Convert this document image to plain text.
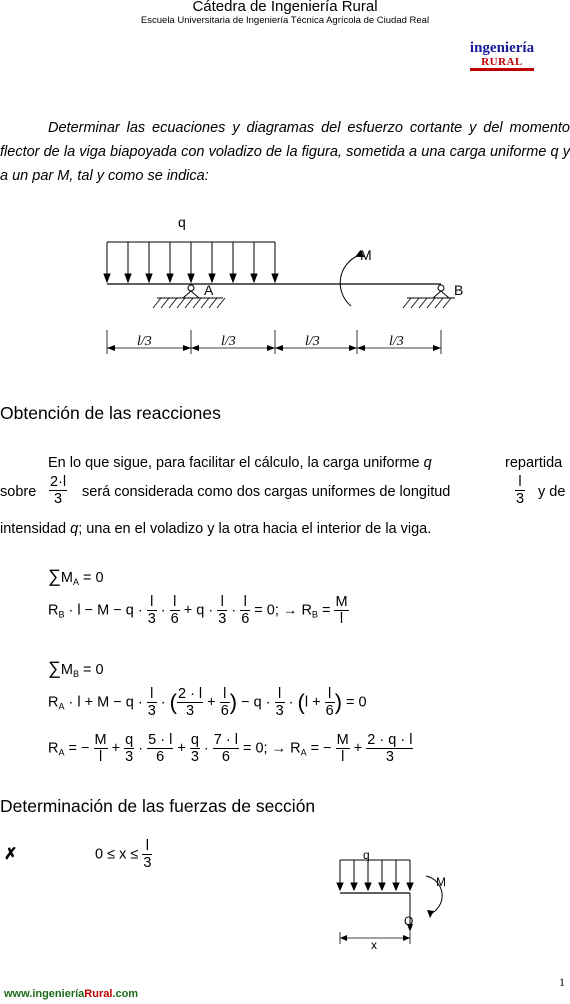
Cátedra de Ingeniería Rural
Escuela Universitaria de Ingeniería Técnica Agrícola de Ciudad Real
ingeniería
RURAL
Determinar las ecuaciones y diagramas del esfuerzo cortante y del momento flector de la viga biapoyada con voladizo de la figura, sometida a una carga uniforme q y a un par M, tal y como se indica:
q
M
A	B
l/3	l/3	l/3	l/3
Obtención de las reacciones
En lo que sigue, para facilitar el cálculo, la carga uniforme q	repartida
sobre $\frac{2\cdot l}{3}$ será considerada como dos cargas uniformes de longitud	$\frac{l}{3}$ y de
intensidad q; una en el voladizo y la otra hacia el interior de la viga.
$\sum M_A = 0$
$R_B \cdot l - M - q \cdot \frac{l}{3} \cdot \frac{l}{6} + q \cdot \frac{l}{3} \cdot \frac{l}{6} = 0$; → $R_B = \frac{M}{l}$
$\sum M_B = 0$
$R_A \cdot l + M - q \cdot \frac{l}{3}$ · ( $\frac{2 \cdot l}{3} + \frac{l}{6}$ ) − $q \cdot \frac{l}{3} \cdot (l + \frac{l}{6}$ ) = 0
$R_A$ = − $\frac{M}{l} + \frac{q}{3} \cdot \frac{5 \cdot l}{6} + \frac{q}{3} \cdot \frac{7 \cdot l}{6} = 0$; → $R_A$ = − $\frac{M}{l} + \frac{2 \cdot q \cdot l}{3}$
Determinación de las fuerzas de sección
✗	$0 \le x \le \frac{l}{3}$	q
M
Q
x
www.ingenieríaRural.com
1
